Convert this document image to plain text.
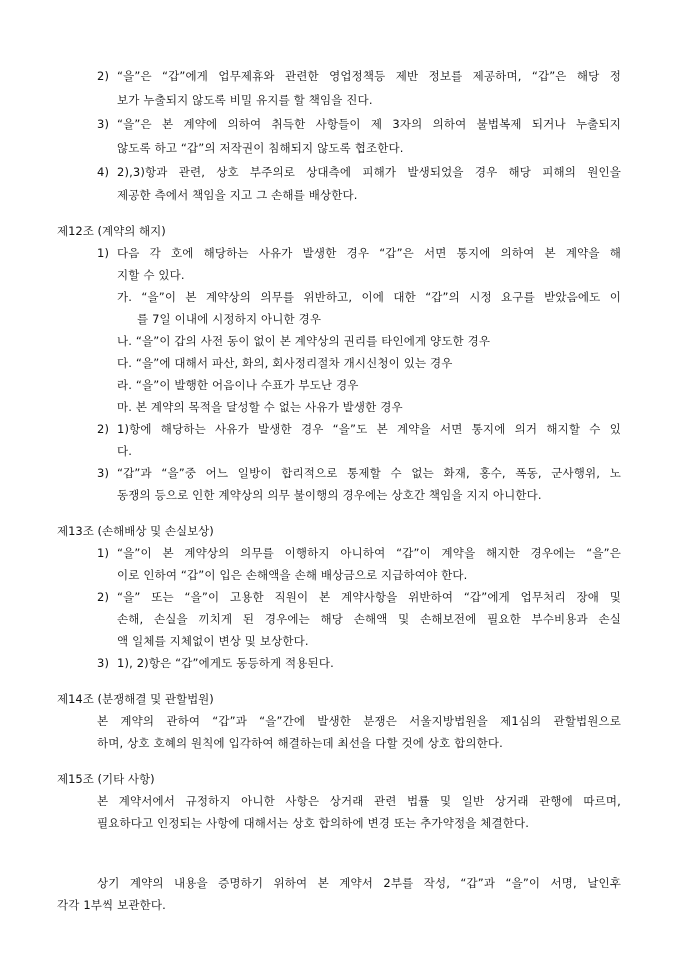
2) “을”은 “갑”에게 업무제휴와 관련한 영업정책등 제반 정보를 제공하며, “갑”은 해당 정
보가 누출되지 않도록 비밀 유지를 할 책임을 진다.
3) “을”은 본 계약에 의하여 취득한 사항들이 제 3자의 의하여 불법복제 되거나 누출되지
않도록 하고 “갑”의 저작권이 침해되지 않도록 협조한다.
4) 2),3)항과 관련, 상호 부주의로 상대측에 피해가 발생되었을 경우 해당 피해의 원인을
제공한 측에서 책임을 지고 그 손해를 배상한다.
제12조 (계약의 해지)
1) 다음 각 호에 해당하는 사유가 발생한 경우 “갑”은 서면 통지에 의하여 본 계약을 해
지할 수 있다.
가. “을”이 본 계약상의 의무를 위반하고, 이에 대한 “갑”의 시정 요구를 받았음에도 이
를 7일 이내에 시정하지 아니한 경우
나. “을”이 갑의 사전 동이 없이 본 계약상의 권리를 타인에게 양도한 경우
다. “을”에 대해서 파산, 화의, 회사정리절차 개시신청이 있는 경우
라. “을”이 발행한 어음이나 수표가 부도난 경우
마. 본 계약의 목적을 달성할 수 없는 사유가 발생한 경우
2) 1)항에 해당하는 사유가 발생한 경우 “을”도 본 계약을 서면 통지에 의거 해지할 수 있
다.
3) “갑”과 “을”중 어느 일방이 합리적으로 통제할 수 없는 화재, 홍수, 폭동, 군사행위, 노
동쟁의 등으로 인한 계약상의 의무 불이행의 경우에는 상호간 책임을 지지 아니한다.
제13조 (손해배상 및 손실보상)
1) “을”이 본 계약상의 의무를 이행하지 아니하여 “갑”이 계약을 해지한 경우에는 “을”은
이로 인하여 “갑”이 입은 손해액을 손해 배상금으로 지급하여야 한다.
2) “을” 또는 “을”이 고용한 직원이 본 계약사항을 위반하여 “갑”에게 업무처리 장애 및
손해, 손실을 끼치게 된 경우에는 해당 손해액 및 손해보전에 필요한 부수비용과 손실
액 일체를 지체없이 변상 및 보상한다.
3) 1), 2)항은 “갑”에게도 동등하게 적용된다.
제14조 (분쟁해결 및 관할법원)
본 계약의 관하여 “갑”과 “을”간에 발생한 분쟁은 서울지방법원을 제1심의 관할법원으로
하며, 상호 호혜의 원칙에 입각하여 해결하는데 최선을 다할 것에 상호 합의한다.
제15조 (기타 사항)
본 계약서에서 규정하지 아니한 사항은 상거래 관련 법률 및 일반 상거래 관행에 따르며,
필요하다고 인정되는 사항에 대해서는 상호 합의하에 변경 또는 추가약정을 체결한다.
상기 계약의 내용을 증명하기 위하여 본 계약서 2부를 작성, “갑”과 “을”이 서명, 날인후
각각 1부씩 보관한다.
